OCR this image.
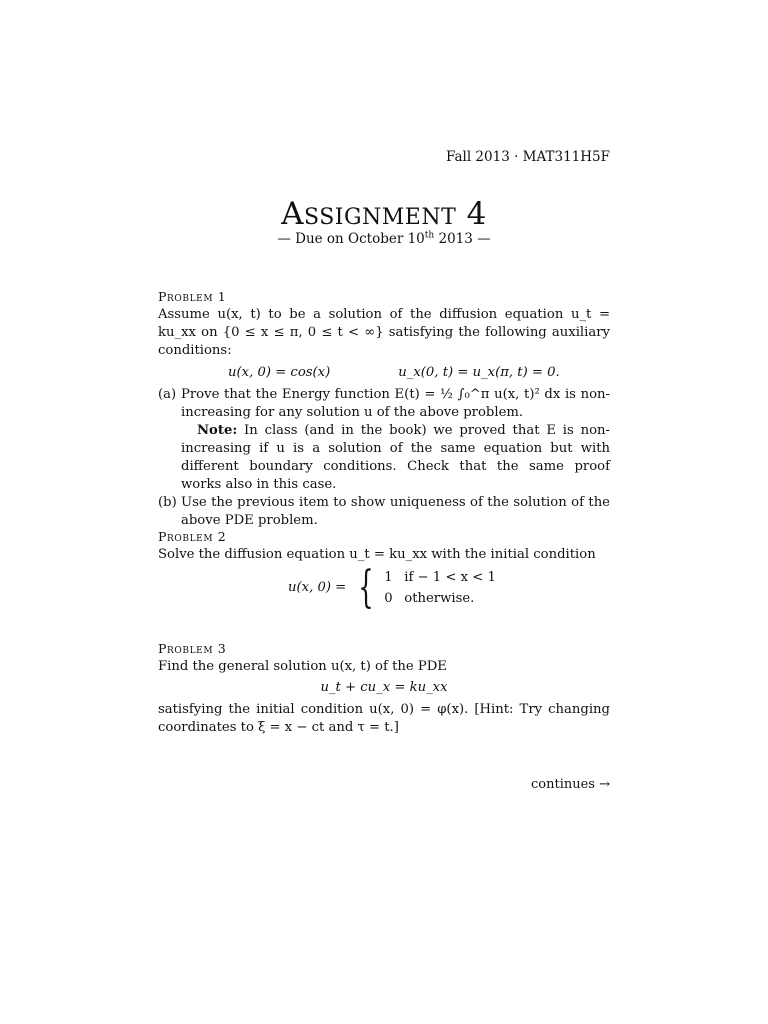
Fall 2013 · MAT311H5F
Assignment 4
— Due on October 10th 2013 —
Problem 1
Assume u(x, t) to be a solution of the diffusion equation u_t = ku_xx on {0 ≤ x ≤ π, 0 ≤ t < ∞} satisfying the following auxiliary conditions:
u(x, 0) = cos(x)	u_x(0, t) = u_x(π, t) = 0.
(a) Prove that the Energy function E(t) = ½ ∫₀^π u(x, t)² dx is non-increasing for any solution u of the above problem.
Note: In class (and in the book) we proved that E is non-increasing if u is a solution of the same equation but with different boundary conditions. Check that the same proof works also in this case.
(b) Use the previous item to show uniqueness of the solution of the above PDE problem.
Problem 2
Solve the diffusion equation u_t = ku_xx with the initial condition
u(x, 0) = { 1 if − 1 < x < 1
0 otherwise.
Problem 3
Find the general solution u(x, t) of the PDE
u_t + cu_x = ku_xx
satisfying the initial condition u(x, 0) = φ(x). [Hint: Try changing coordinates to ξ = x − ct and τ = t.]
continues →
